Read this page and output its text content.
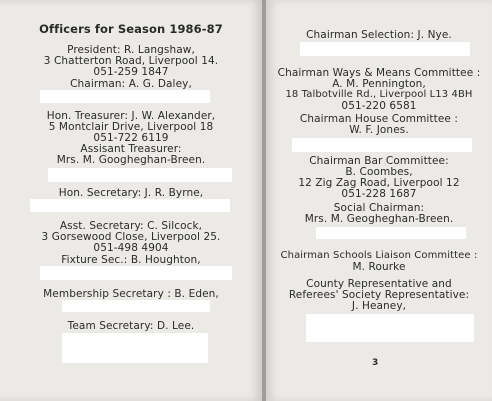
Officers for Season 1986-87
President: R. Langshaw,
3 Chatterton Road, Liverpool 14.
051-259 1847
Chairman: A. G. Daley,
Hon. Treasurer: J. W. Alexander,
5 Montclair Drive, Liverpool 18
051-722 6119
Assisant Treasurer:
Mrs. M. Googheghan-Breen.
Hon. Secretary: J. R. Byrne,
Asst. Secretary: C. Silcock,
3 Gorsewood Close, Liverpool 25.
051-498 4904
Fixture Sec.: B. Houghton,
Membership Secretary : B. Eden,
Team Secretary: D. Lee.
Chairman Selection: J. Nye.
Chairman Ways & Means Committee :
A. M. Pennington,
18 Talbotville Rd., Liverpool L13 4BH
051-220 6581
Chairman House Committee :
W. F. Jones.
Chairman Bar Committee:
B. Coombes,
12 Zig Zag Road, Liverpool 12
051-228 1687
Social Chairman:
Mrs. M. Geogheghan-Breen.
Chairman Schools Liaison Committee :
M. Rourke
County Representative and
Referees' Society Representative:
J. Heaney,
3
